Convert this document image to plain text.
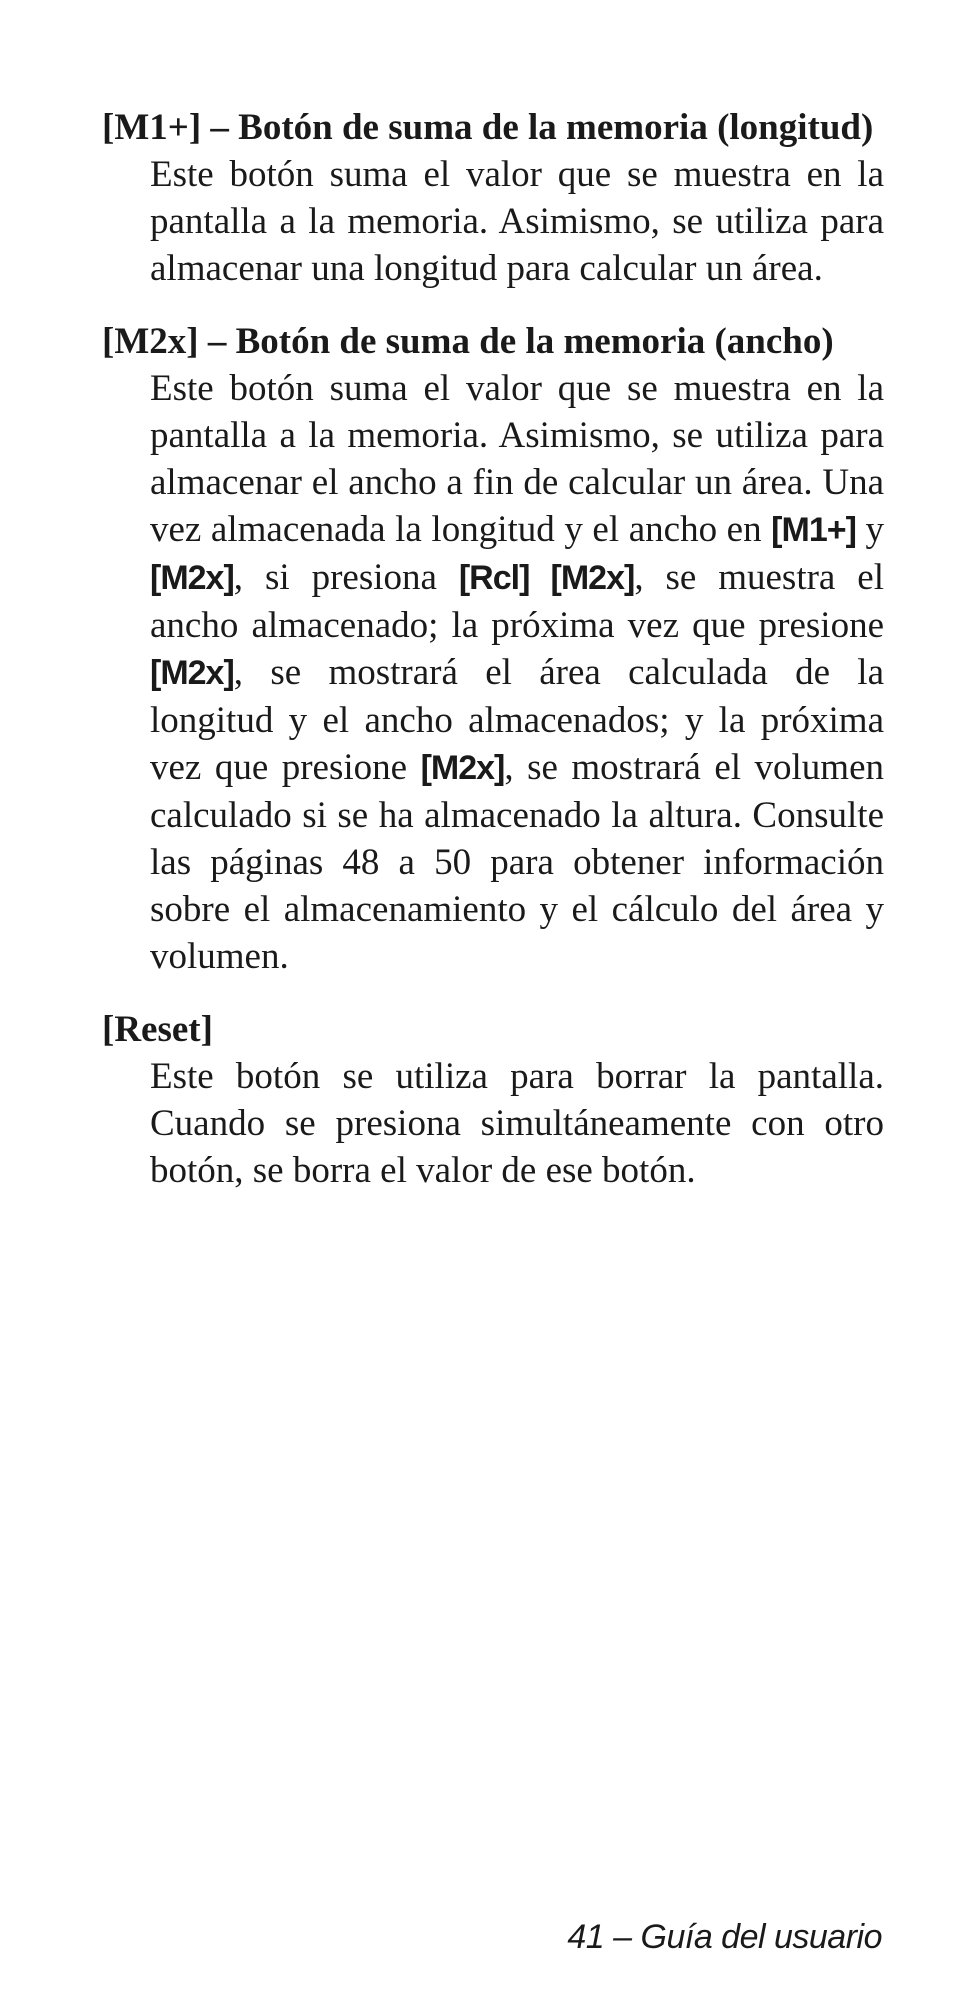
[M1+] – Botón de suma de la memoria (longitud)

Este botón suma el valor que se muestra en la pantalla a la memoria. Asimismo, se utiliza para almacenar una longitud para calcular un área.

[M2x] – Botón de suma de la memoria (ancho)

Este botón suma el valor que se muestra en la pantalla a la memoria. Asimismo, se utiliza para almacenar el ancho a fin de calcular un área. Una vez almacenada la longitud y el ancho en [M1+] y [M2x], si presiona [Rcl] [M2x], se muestra el ancho almacenado; la próxima vez que presione [M2x], se mostrará el área calculada de la longitud y el ancho almacenados; y la próxima vez que presione [M2x], se mostrará el volumen calculado si se ha almacenado la altura. Consulte las páginas 48 a 50 para obtener información sobre el almacenamiento y el cálculo del área y volumen.

[Reset]

Este botón se utiliza para borrar la pantalla. Cuando se presiona simultáneamente con otro botón, se borra el valor de ese botón.

41 – Guía del usuario
